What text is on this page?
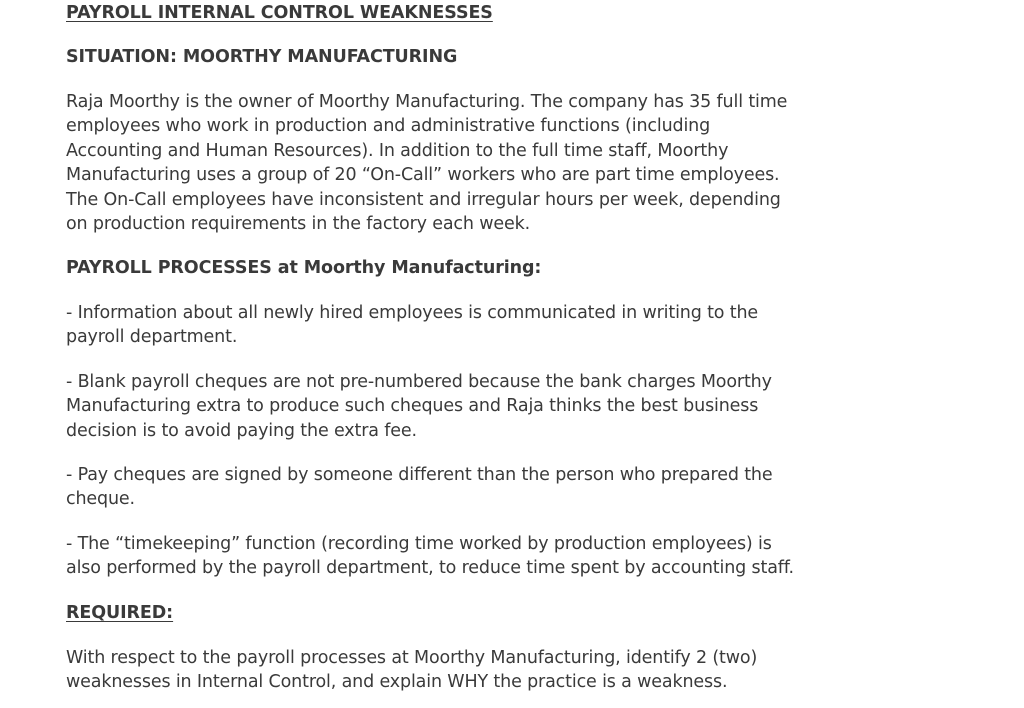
PAYROLL INTERNAL CONTROL WEAKNESSES

SITUATION: MOORTHY MANUFACTURING

Raja Moorthy is the owner of Moorthy Manufacturing. The company has 35 full time
employees who work in production and administrative functions (including
Accounting and Human Resources). In addition to the full time staff, Moorthy
Manufacturing uses a group of 20 “On-Call” workers who are part time employees.
The On-Call employees have inconsistent and irregular hours per week, depending
on production requirements in the factory each week.

PAYROLL PROCESSES at Moorthy Manufacturing:

- Information about all newly hired employees is communicated in writing to the
payroll department.

- Blank payroll cheques are not pre-numbered because the bank charges Moorthy
Manufacturing extra to produce such cheques and Raja thinks the best business
decision is to avoid paying the extra fee.

- Pay cheques are signed by someone different than the person who prepared the
cheque.

- The “timekeeping” function (recording time worked by production employees) is
also performed by the payroll department, to reduce time spent by accounting staff.

REQUIRED:

With respect to the payroll processes at Moorthy Manufacturing, identify 2 (two)
weaknesses in Internal Control, and explain WHY the practice is a weakness.
